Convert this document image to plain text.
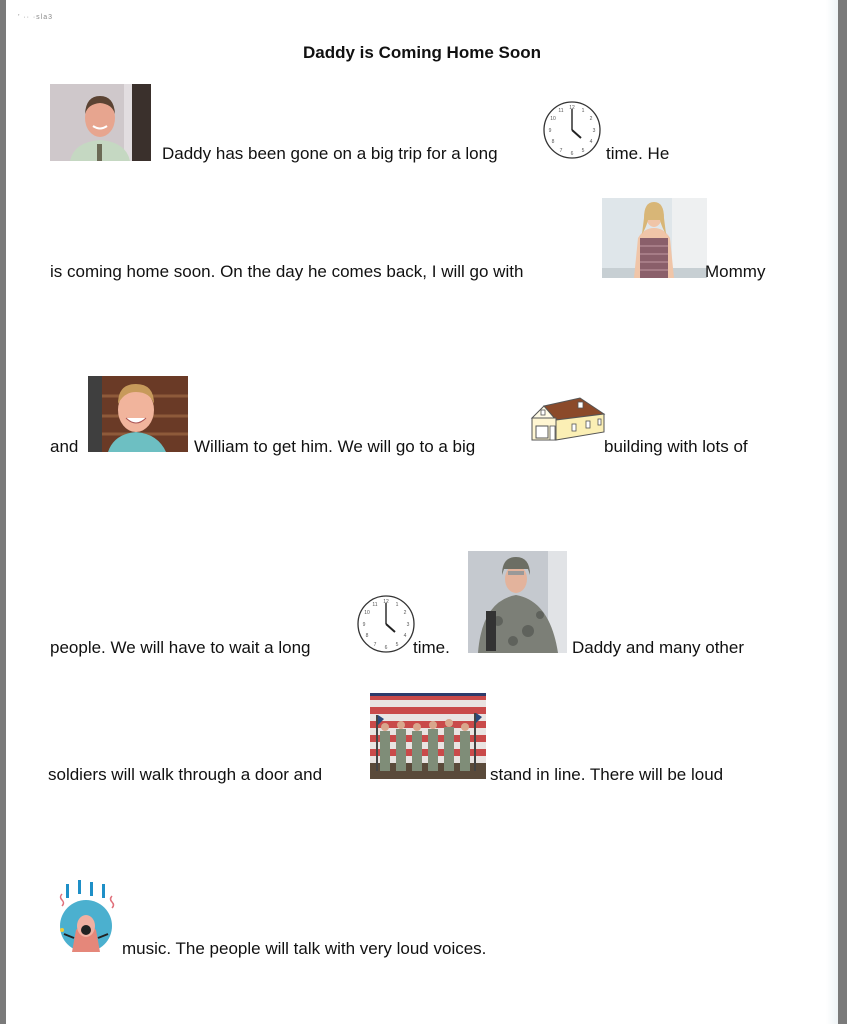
’ ·· ·sla3
Daddy is Coming Home Soon
Daddy has been gone on a big trip for a long
12 1
2
3
4
5
6
7
8
9
10
11
time. He
is coming home soon. On the day he comes back, I will go with	Mommy
and	William to get him. We will go to a big	building with lots of
people. We will have to wait a long
12 1
2
3
4
5
6
7
8
9
10
11
time.	Daddy and many other
soldiers will walk through a door and	stand in line. There will be loud
music. The people will talk with very loud voices.
